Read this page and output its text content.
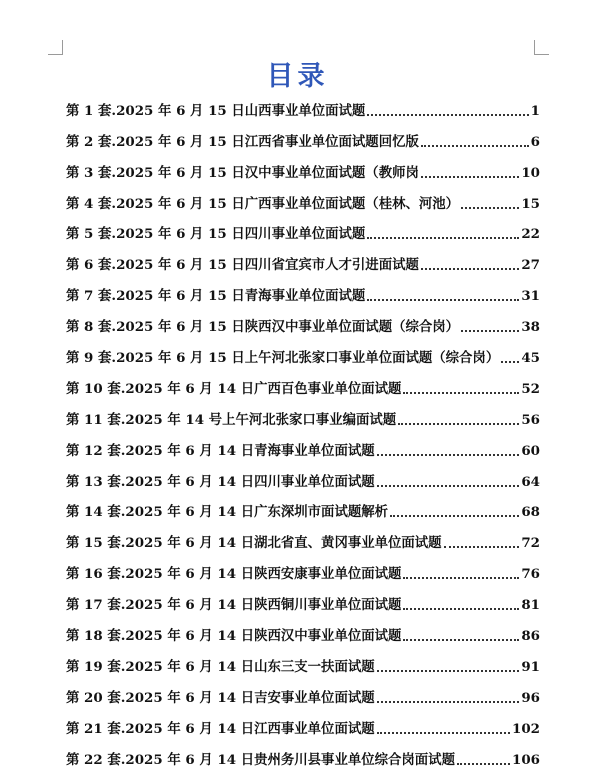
目录
第 1 套.2025 年 6 月 15 日山西事业单位面试题	1
第 2 套.2025 年 6 月 15 日江西省事业单位面试题回忆版	6
第 3 套.2025 年 6 月 15 日汉中事业单位面试题（教师岗	10
第 4 套.2025 年 6 月 15 日广西事业单位面试题（桂林、河池）	15
第 5 套.2025 年 6 月 15 日四川事业单位面试题	22
第 6 套.2025 年 6 月 15 日四川省宜宾市人才引进面试题	27
第 7 套.2025 年 6 月 15 日青海事业单位面试题	31
第 8 套.2025 年 6 月 15 日陕西汉中事业单位面试题（综合岗）	38
第 9 套.2025 年 6 月 15 日上午河北张家口事业单位面试题（综合岗） 45
第 10 套.2025 年 6 月 14 日广西百色事业单位面试题	52
第 11 套.2025 年 14 号上午河北张家口事业编面试题	56
第 12 套.2025 年 6 月 14 日青海事业单位面试题	60
第 13 套.2025 年 6 月 14 日四川事业单位面试题	64
第 14 套.2025 年 6 月 14 日广东深圳市面试题解析	68
第 15 套.2025 年 6 月 14 日湖北省直、黄冈事业单位面试题	72
第 16 套.2025 年 6 月 14 日陕西安康事业单位面试题	76
第 17 套.2025 年 6 月 14 日陕西铜川事业单位面试题	81
第 18 套.2025 年 6 月 14 日陕西汉中事业单位面试题	86
第 19 套.2025 年 6 月 14 日山东三支一扶面试题	91
第 20 套.2025 年 6 月 14 日吉安事业单位面试题	96
第 21 套.2025 年 6 月 14 日江西事业单位面试题	102
第 22 套.2025 年 6 月 14 日贵州务川县事业单位综合岗面试题	106
